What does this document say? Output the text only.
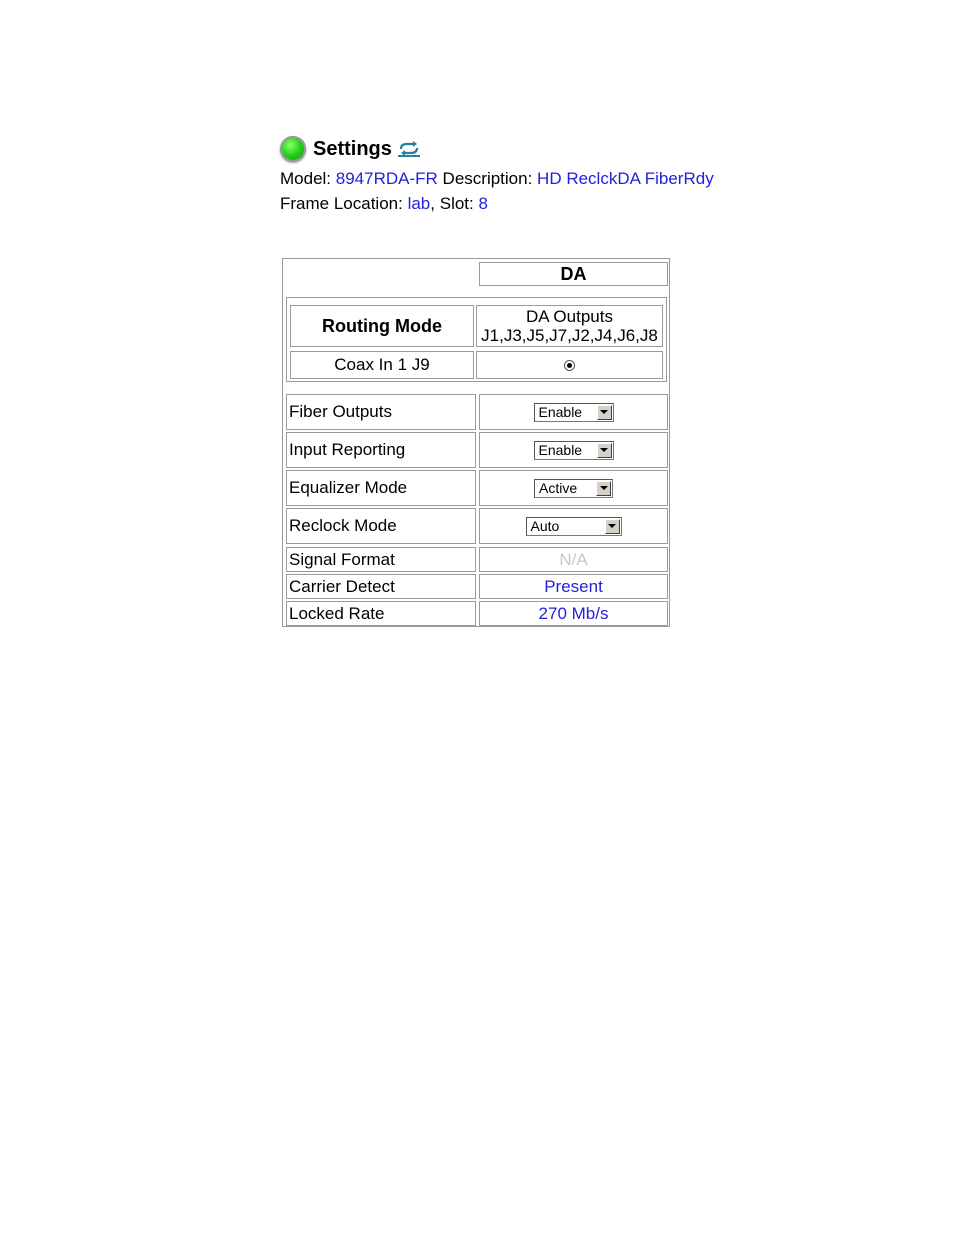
Settings
Model: 8947RDA-FR Description: HD ReclckDA FiberRdy
Frame Location: lab, Slot: 8
DA
Routing Mode	DA Outputs
J1,J3,J5,J7,J2,J4,J6,J8
Coax In 1 J9
Fiber Outputs	Enable
Input Reporting	Enable
Equalizer Mode	Active
Reclock Mode	Auto
Signal Format	N/A
Carrier Detect	Present
Locked Rate	270 Mb/s
